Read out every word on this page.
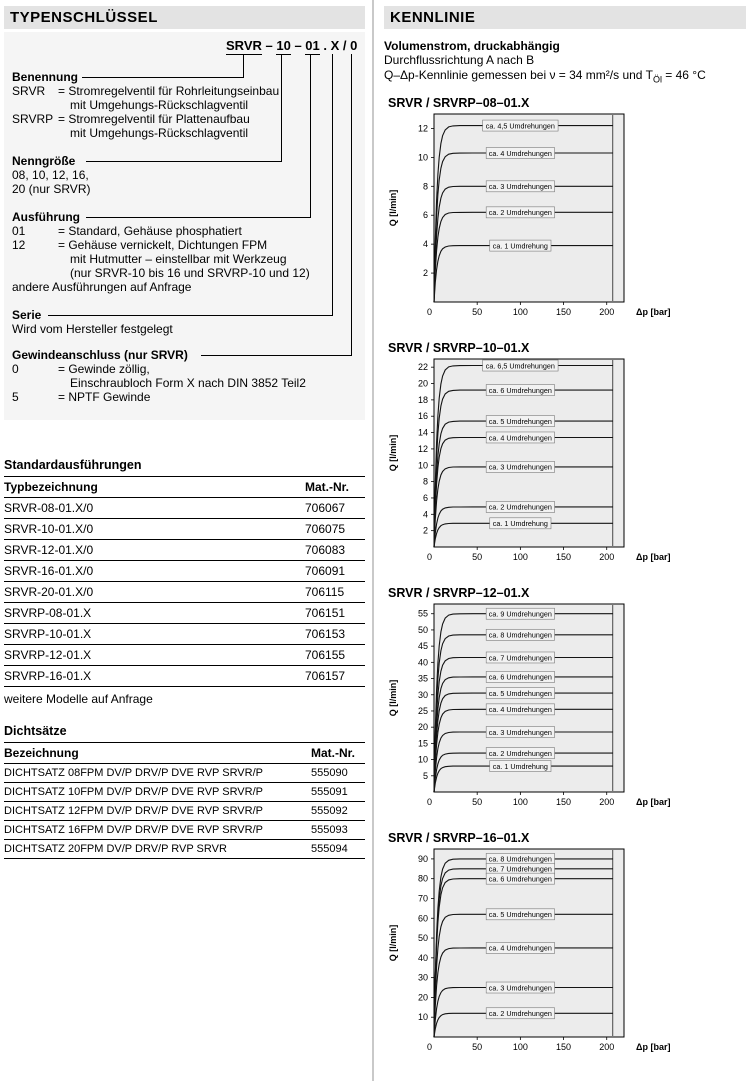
TYPENSCHLÜSSEL
SRVR – 10 – 01 . X / 0
Benennung
SRVR	= Stromregelventil für Rohrleitungseinbau
mit Umgehungs-Rückschlagventil
SRVRP = Stromregelventil für Plattenaufbau
mit Umgehungs-Rückschlagventil
Nenngröße
08, 10, 12, 16,
20 (nur SRVR)
Ausführung
01	= Standard, Gehäuse phosphatiert
12	= Gehäuse vernickelt, Dichtungen FPM
mit Hutmutter – einstellbar mit Werkzeug
(nur SRVR-10 bis 16 und SRVRP-10 und 12)
andere Ausführungen auf Anfrage
Serie
Wird vom Hersteller festgelegt
Gewindeanschluss (nur SRVR)
0	= Gewinde zöllig,
Einschraubloch Form X nach DIN 3852 Teil2
5	= NPTF Gewinde
Standardausführungen
Typbezeichnung	Mat.-Nr.
SRVR-08-01.X/0	706067
SRVR-10-01.X/0	706075
SRVR-12-01.X/0	706083
SRVR-16-01.X/0	706091
SRVR-20-01.X/0	706115
SRVRP-08-01.X	706151
SRVRP-10-01.X	706153
SRVRP-12-01.X	706155
SRVRP-16-01.X	706157
weitere Modelle auf Anfrage
Dichtsätze
Bezeichnung	Mat.-Nr.
DICHTSATZ 08FPM DV/P DRV/P DVE RVP SRVR/P	555090
DICHTSATZ 10FPM DV/P DRV/P DVE RVP SRVR/P	555091
DICHTSATZ 12FPM DV/P DRV/P DVE RVP SRVR/P	555092
DICHTSATZ 16FPM DV/P DRV/P DVE RVP SRVR/P	555093
DICHTSATZ 20FPM DV/P DRV/P RVP SRVR	555094
KENNLINIE
Volumenstrom, druckabhängig
Durchflussrichtung A nach B
Q–Δp-Kennlinie gemessen bei ν = 34 mm²/s und $T_{Öl} = 46$ °C
SRVR / SRVRP–08–01.X
2
4
6
8
10
12
50	100	150	200
0
ca. 4,5 Umdrehungen
ca. 4 Umdrehungen
ca. 3 Umdrehungen
ca. 2 Umdrehungen
ca. 1 Umdrehung
Q [l/min]
Δp [bar]
SRVR / SRVRP–10–01.X
2
4
6
8
10
12
14
16
18
20
22
50	100	150	200
0
ca. 6,5 Umdrehungen
ca. 6 Umdrehungen
ca. 5 Umdrehungen
ca. 4 Umdrehungen
ca. 3 Umdrehungen
ca. 2 Umdrehungen
ca. 1 Umdrehung
Q [l/min]
Δp [bar]
SRVR / SRVRP–12–01.X
5
10
15
20
25
30
35
40
45
50
55
50	100	150	200
0
ca. 9 Umdrehungen
ca. 8 Umdrehungen
ca. 7 Umdrehungen
ca. 6 Umdrehungen
ca. 5 Umdrehungen
ca. 4 Umdrehungen
ca. 3 Umdrehungen
ca. 2 Umdrehungen
ca. 1 Umdrehung
Q [l/min]
Δp [bar]
SRVR / SRVRP–16–01.X
10
20
30
40
50
60
70
80
90
50	100	150	200
0
ca. 8 Umdrehungen
ca. 7 Umdrehungen
ca. 6 Umdrehungen
ca. 5 Umdrehungen
ca. 4 Umdrehungen
ca. 3 Umdrehungen
ca. 2 Umdrehungen
Q [l/min]
Δp [bar]
